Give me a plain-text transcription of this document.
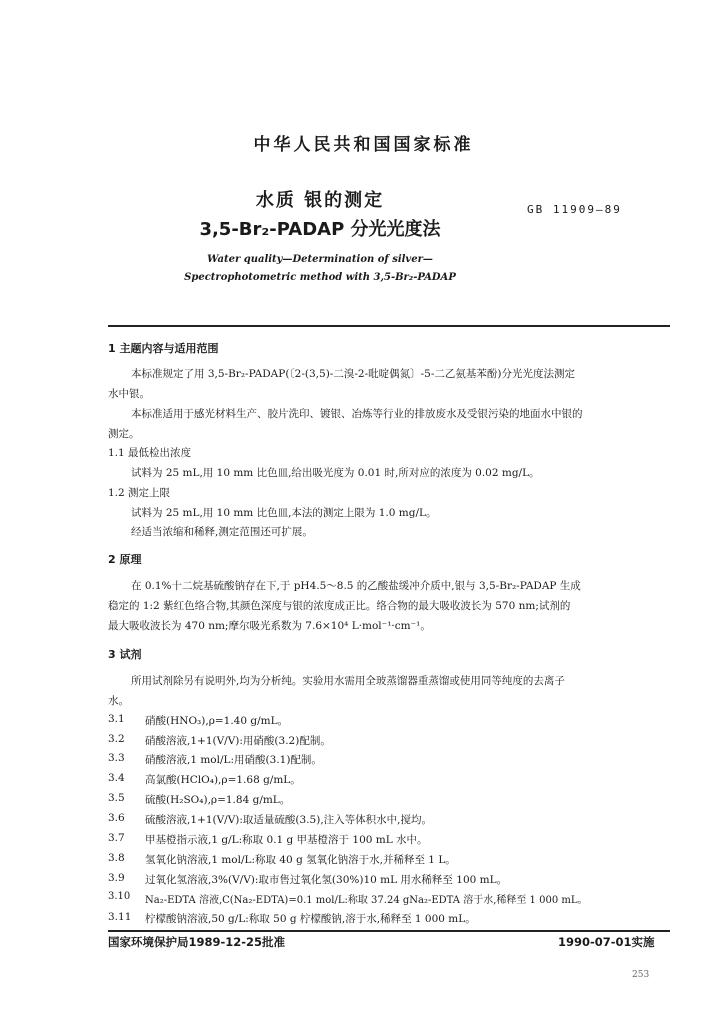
中华人民共和国国家标准
水质 银的测定
3,5-Br₂-PADAP 分光光度法
GB 11909—89
Water quality—Determination of silver—
Spectrophotometric method with 3,5-Br₂-PADAP
1 主题内容与适用范围
本标准规定了用 3,5-Br₂-PADAP(〔2-(3,5)-二溴-2-吡啶偶氮〕-5-二乙氨基苯酚)分光光度法测定
水中银。
本标准适用于感光材料生产、胶片洗印、镀银、冶炼等行业的排放废水及受银污染的地面水中银的
测定。
1.1 最低检出浓度
试料为 25 mL,用 10 mm 比色皿,给出吸光度为 0.01 时,所对应的浓度为 0.02 mg/L。
1.2 测定上限
试料为 25 mL,用 10 mm 比色皿,本法的测定上限为 1.0 mg/L。
经适当浓缩和稀释,测定范围还可扩展。
2 原理
在 0.1%十二烷基硫酸钠存在下,于 pH4.5～8.5 的乙酸盐缓冲介质中,银与 3,5-Br₂-PADAP 生成
稳定的 1:2 紫红色络合物,其颜色深度与银的浓度成正比。络合物的最大吸收波长为 570 nm;试剂的
最大吸收波长为 470 nm;摩尔吸光系数为 7.6×10⁴ L·mol⁻¹·cm⁻¹。
3 试剂
所用试剂除另有说明外,均为分析纯。实验用水需用全玻蒸馏器重蒸馏或使用同等纯度的去离子
水。
3.1 硝酸(HNO₃),ρ=1.40 g/mL。
3.2 硝酸溶液,1+1(V/V):用硝酸(3.2)配制。
3.3 硝酸溶液,1 mol/L:用硝酸(3.1)配制。
3.4 高氯酸(HClO₄),ρ=1.68 g/mL。
3.5 硫酸(H₂SO₄),ρ=1.84 g/mL。
3.6 硫酸溶液,1+1(V/V):取适量硫酸(3.5),注入等体积水中,搅均。
3.7 甲基橙指示液,1 g/L:称取 0.1 g 甲基橙溶于 100 mL 水中。
3.8 氢氧化钠溶液,1 mol/L:称取 40 g 氢氧化钠溶于水,并稀释至 1 L。
3.9 过氧化氢溶液,3%(V/V):取市售过氧化氢(30%)10 mL 用水稀释至 100 mL。
3.10 Na₂-EDTA 溶液,C(Na₂-EDTA)=0.1 mol/L:称取 37.24 gNa₂-EDTA 溶于水,稀释至 1 000 mL。
3.11 柠檬酸钠溶液,50 g/L:称取 50 g 柠檬酸钠,溶于水,稀释至 1 000 mL。
国家环境保护局1989-12-25批准	1990-07-01实施
253
